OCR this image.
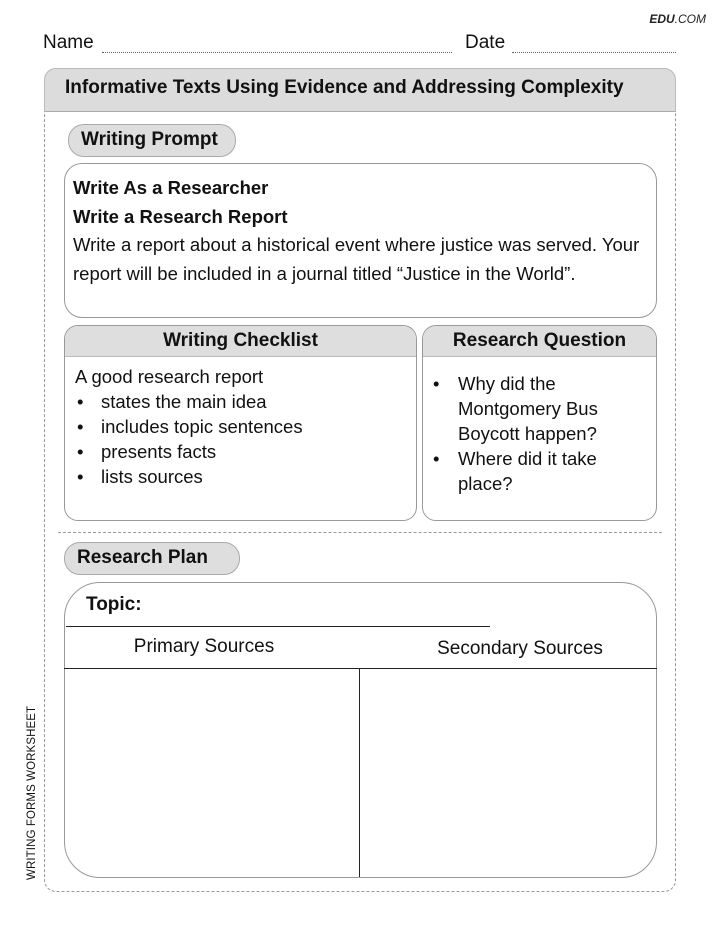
EDU.COM
Name	Date
Informative Texts Using Evidence and Addressing Complexity
Writing Prompt
Write As a Researcher
Write a Research Report
Write a report about a historical event where justice was served. Your report will be included in a journal titled “Justice in the World”.
Writing Checklist
A good research report
• states the main idea
• includes topic sentences
• presents facts
• lists sources
Research Question
• Why did the Montgomery Bus Boycott happen?
• Where did it take place?
Research Plan
Topic:
Primary Sources	Secondary Sources
WRITING FORMS WORKSHEET
